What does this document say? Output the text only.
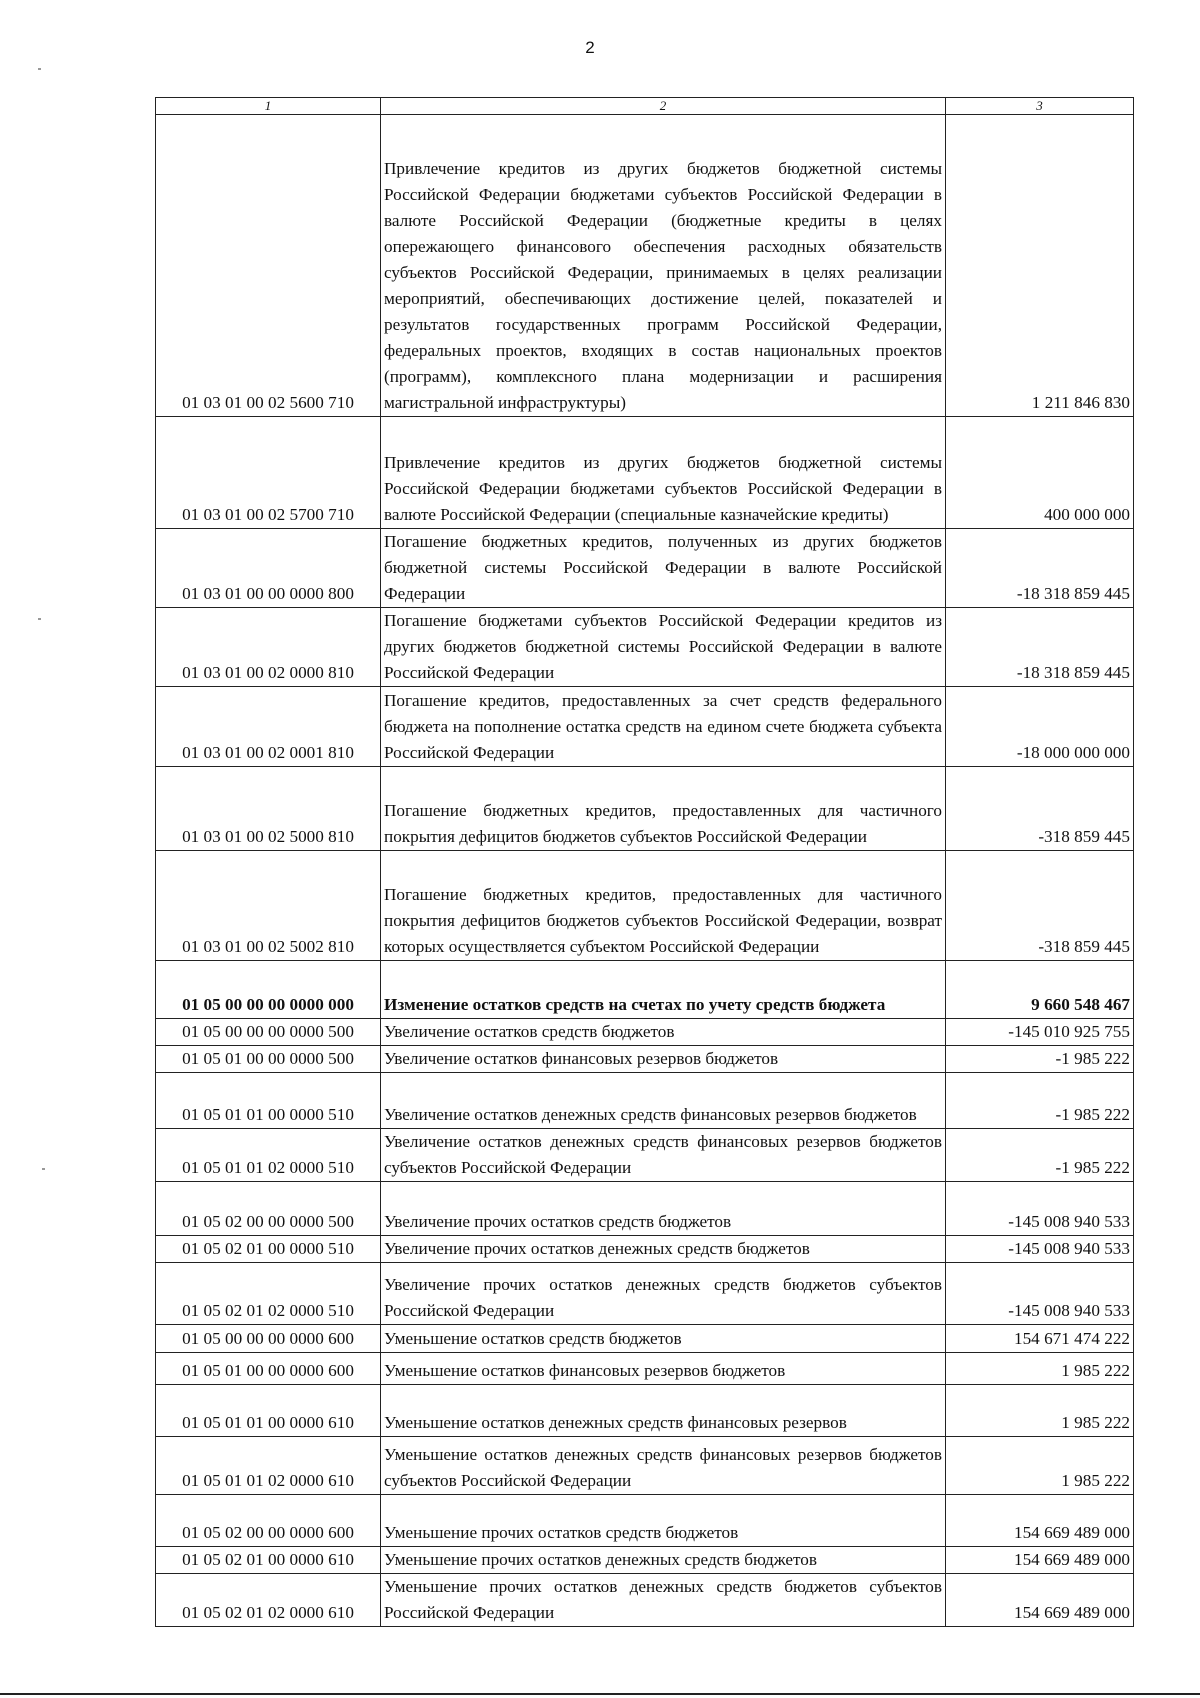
2
1	2	3
01 03 01 00 02 5600 710	Привлечение кредитов из других бюджетов бюджетной системы Российской Федерации бюджетами субъектов Российской Федерации в валюте Российской Федерации (бюджетные кредиты в целях опережающего финансового обеспечения расходных обязательств субъектов Российской Федерации, принимаемых в целях реализации мероприятий, обеспечивающих достижение целей, показателей и результатов государственных программ Российской Федерации, федеральных проектов, входящих в состав национальных проектов (программ), комплексного плана модернизации и расширения магистральной инфраструктуры)	1 211 846 830
01 03 01 00 02 5700 710	Привлечение кредитов из других бюджетов бюджетной системы Российской Федерации бюджетами субъектов Российской Федерации в валюте Российской Федерации (специальные казначейские кредиты)	400 000 000
01 03 01 00 00 0000 800	Погашение бюджетных кредитов, полученных из других бюджетов бюджетной системы Российской Федерации в валюте Российской Федерации	-18 318 859 445
01 03 01 00 02 0000 810	Погашение бюджетами субъектов Российской Федерации кредитов из других бюджетов бюджетной системы Российской Федерации в валюте Российской Федерации	-18 318 859 445
01 03 01 00 02 0001 810	Погашение кредитов, предоставленных за счет средств федерального бюджета на пополнение остатка средств на едином счете бюджета субъекта Российской Федерации	-18 000 000 000
01 03 01 00 02 5000 810	Погашение бюджетных кредитов, предоставленных для частичного покрытия дефицитов бюджетов субъектов Российской Федерации	-318 859 445
01 03 01 00 02 5002 810	Погашение бюджетных кредитов, предоставленных для частичного покрытия дефицитов бюджетов субъектов Российской Федерации, возврат которых осуществляется субъектом Российской Федерации	-318 859 445
01 05 00 00 00 0000 000	Изменение остатков средств на счетах по учету средств бюджета	9 660 548 467
01 05 00 00 00 0000 500	Увеличение остатков средств бюджетов	-145 010 925 755
01 05 01 00 00 0000 500	Увеличение остатков финансовых резервов бюджетов	-1 985 222
01 05 01 01 00 0000 510	Увеличение остатков денежных средств финансовых резервов бюджетов	-1 985 222
01 05 01 01 02 0000 510	Увеличение остатков денежных средств финансовых резервов бюджетов субъектов Российской Федерации	-1 985 222
01 05 02 00 00 0000 500	Увеличение прочих остатков средств бюджетов	-145 008 940 533
01 05 02 01 00 0000 510	Увеличение прочих остатков денежных средств бюджетов	-145 008 940 533
01 05 02 01 02 0000 510	Увеличение прочих остатков денежных средств бюджетов субъектов Российской Федерации	-145 008 940 533
01 05 00 00 00 0000 600	Уменьшение остатков средств бюджетов	154 671 474 222
01 05 01 00 00 0000 600	Уменьшение остатков финансовых резервов бюджетов	1 985 222
01 05 01 01 00 0000 610	Уменьшение остатков денежных средств финансовых резервов	1 985 222
01 05 01 01 02 0000 610	Уменьшение остатков денежных средств финансовых резервов бюджетов субъектов Российской Федерации	1 985 222
01 05 02 00 00 0000 600	Уменьшение прочих остатков средств бюджетов	154 669 489 000
01 05 02 01 00 0000 610	Уменьшение прочих остатков денежных средств бюджетов	154 669 489 000
01 05 02 01 02 0000 610	Уменьшение прочих остатков денежных средств бюджетов субъектов Российской Федерации	154 669 489 000
